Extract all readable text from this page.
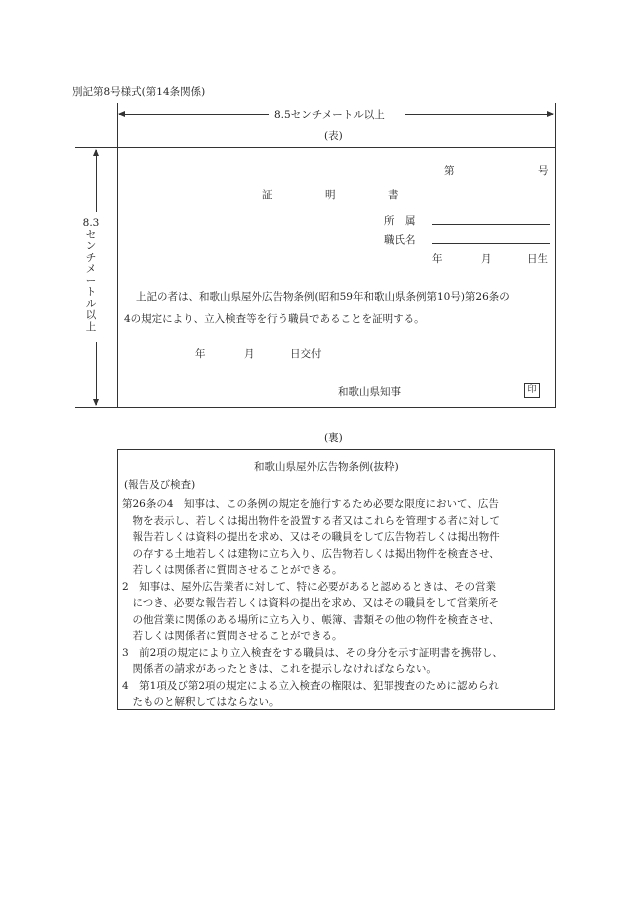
別記第8号様式(第14条関係)
8.5センチメートル以上
(表)
8.3
セ
ン
チ
メ
ー
ト
ル
以
上
第	号
証　　　　　明　　　　　書
所　属
職氏名
年	月	日生
上記の者は、和歌山県屋外広告物条例(昭和59年和歌山県条例第10号)第26条の
4の規定により、立入検査等を行う職員であることを証明する。
年	月	日交付
和歌山県知事	印
(裏)
和歌山県屋外広告物条例(抜粋)
(報告及び検査)
第26条の4　知事は、この条例の規定を施行するため必要な限度において、広告
　物を表示し、若しくは掲出物件を設置する者又はこれらを管理する者に対して
　報告若しくは資料の提出を求め、又はその職員をして広告物若しくは掲出物件
　の存する土地若しくは建物に立ち入り、広告物若しくは掲出物件を検査させ、
　若しくは関係者に質問させることができる。
2　知事は、屋外広告業者に対して、特に必要があると認めるときは、その営業
　につき、必要な報告若しくは資料の提出を求め、又はその職員をして営業所そ
　の他営業に関係のある場所に立ち入り、帳簿、書類その他の物件を検査させ、
　若しくは関係者に質問させることができる。
3　前2項の規定により立入検査をする職員は、その身分を示す証明書を携帯し、
　関係者の請求があったときは、これを提示しなければならない。
4　第1項及び第2項の規定による立入検査の権限は、犯罪捜査のために認められ
　たものと解釈してはならない。
